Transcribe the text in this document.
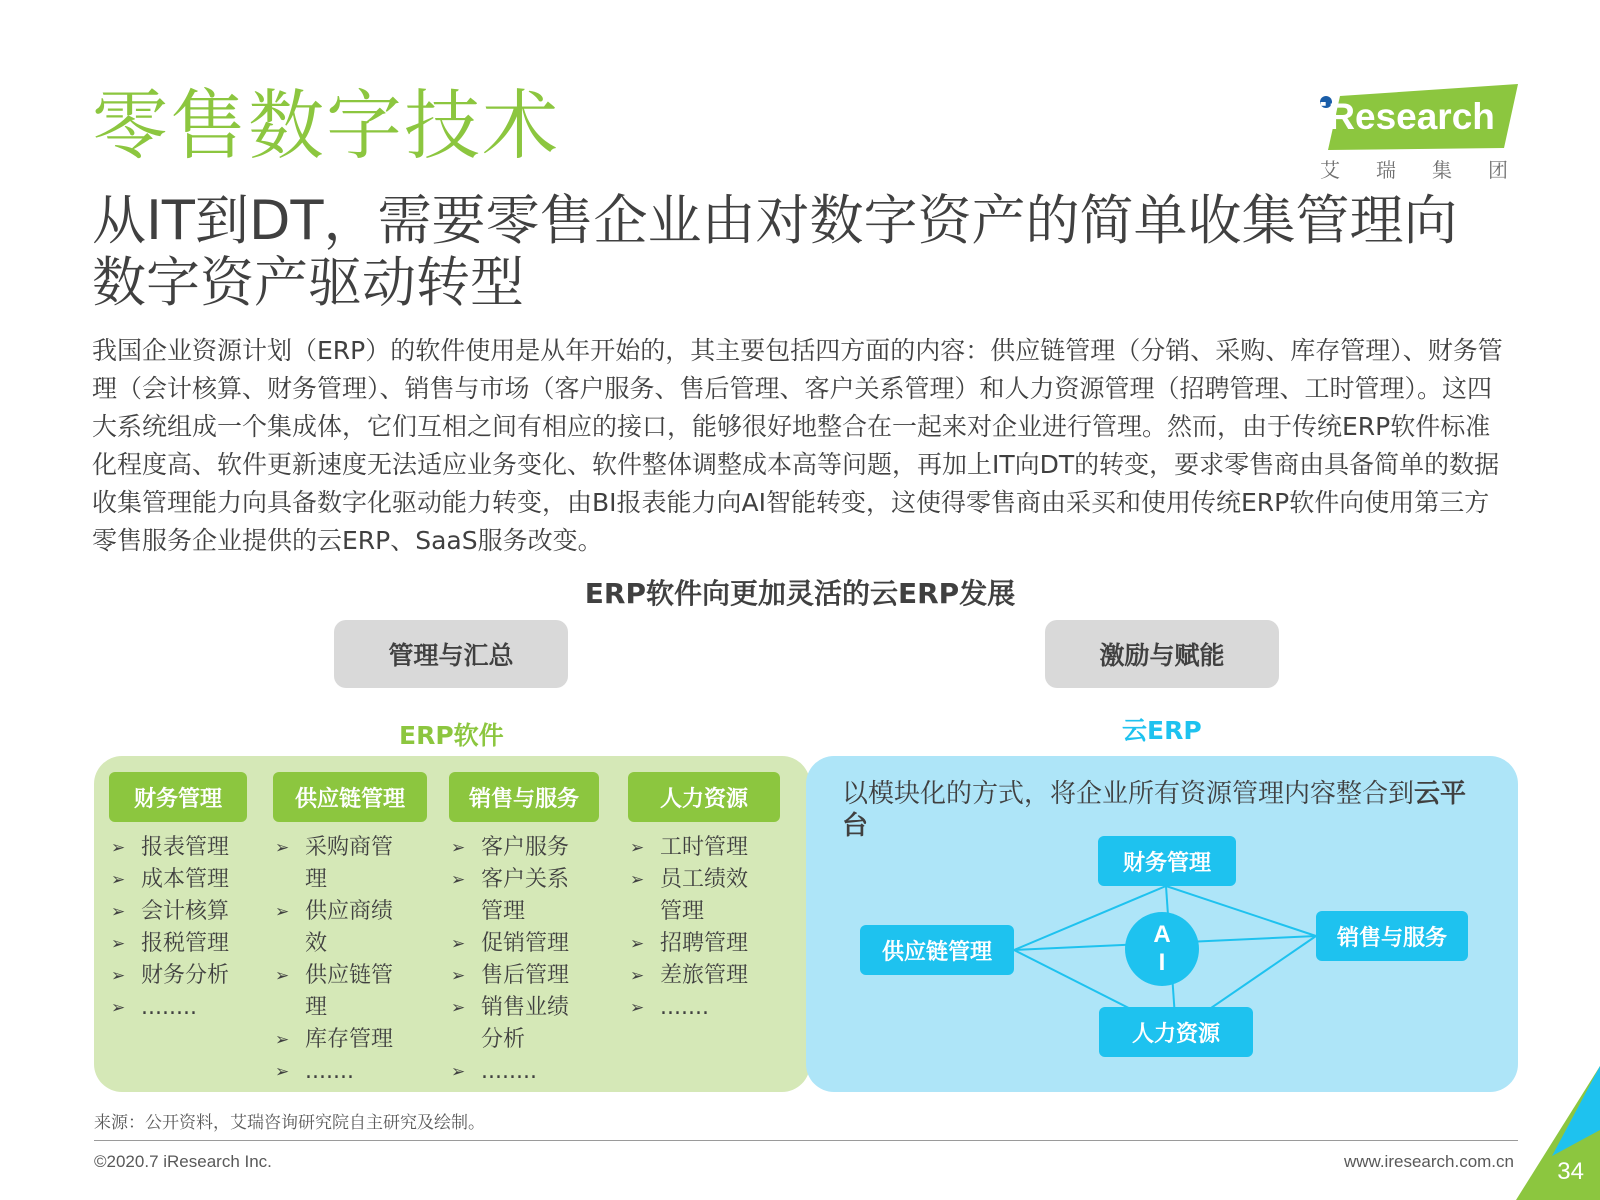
零售数字技术
从IT到DT，需要零售企业由对数字资产的简单收集管理向数字资产驱动转型
iResearch
艾 瑞 集 团
我国企业资源计划（ERP）的软件使用是从年开始的，其主要包括四方面的内容：供应链管理（分销、采购、库存管理）、财务管理（会计核算、财务管理）、销售与市场（客户服务、售后管理、客户关系管理）和人力资源管理（招聘管理、工时管理）。这四大系统组成一个集成体，它们互相之间有相应的接口，能够很好地整合在一起来对企业进行管理。然而，由于传统ERP软件标准化程度高、软件更新速度无法适应业务变化、软件整体调整成本高等问题，再加上IT向DT的转变，要求零售商由具备简单的数据收集管理能力向具备数字化驱动能力转变，由BI报表能力向AI智能转变，这使得零售商由采买和使用传统ERP软件向使用第三方零售服务企业提供的云ERP、SaaS服务改变。
ERP软件向更加灵活的云ERP发展
管理与汇总	激励与赋能
ERP软件	云ERP
财务管理
➢ 报表管理
➢ 成本管理
➢ 会计核算
➢ 报税管理
➢ 财务分析
➢ ........
供应链管理
➢ 采购商管理
➢ 供应商绩效
➢ 供应链管理
➢ 库存管理
➢ .......
销售与服务
➢ 客户服务
➢ 客户关系管理
➢ 促销管理
➢ 售后管理
➢ 销售业绩分析
➢ ........
人力资源
➢ 工时管理
➢ 员工绩效管理
➢ 招聘管理
➢ 差旅管理
➢ .......
以模块化的方式，将企业所有资源管理内容整合到云平台
财务管理
供应链管理
销售与服务
人力资源
A
I
来源：公开资料，艾瑞咨询研究院自主研究及绘制。
©2020.7 iResearch Inc.	www.iresearch.com.cn 34
